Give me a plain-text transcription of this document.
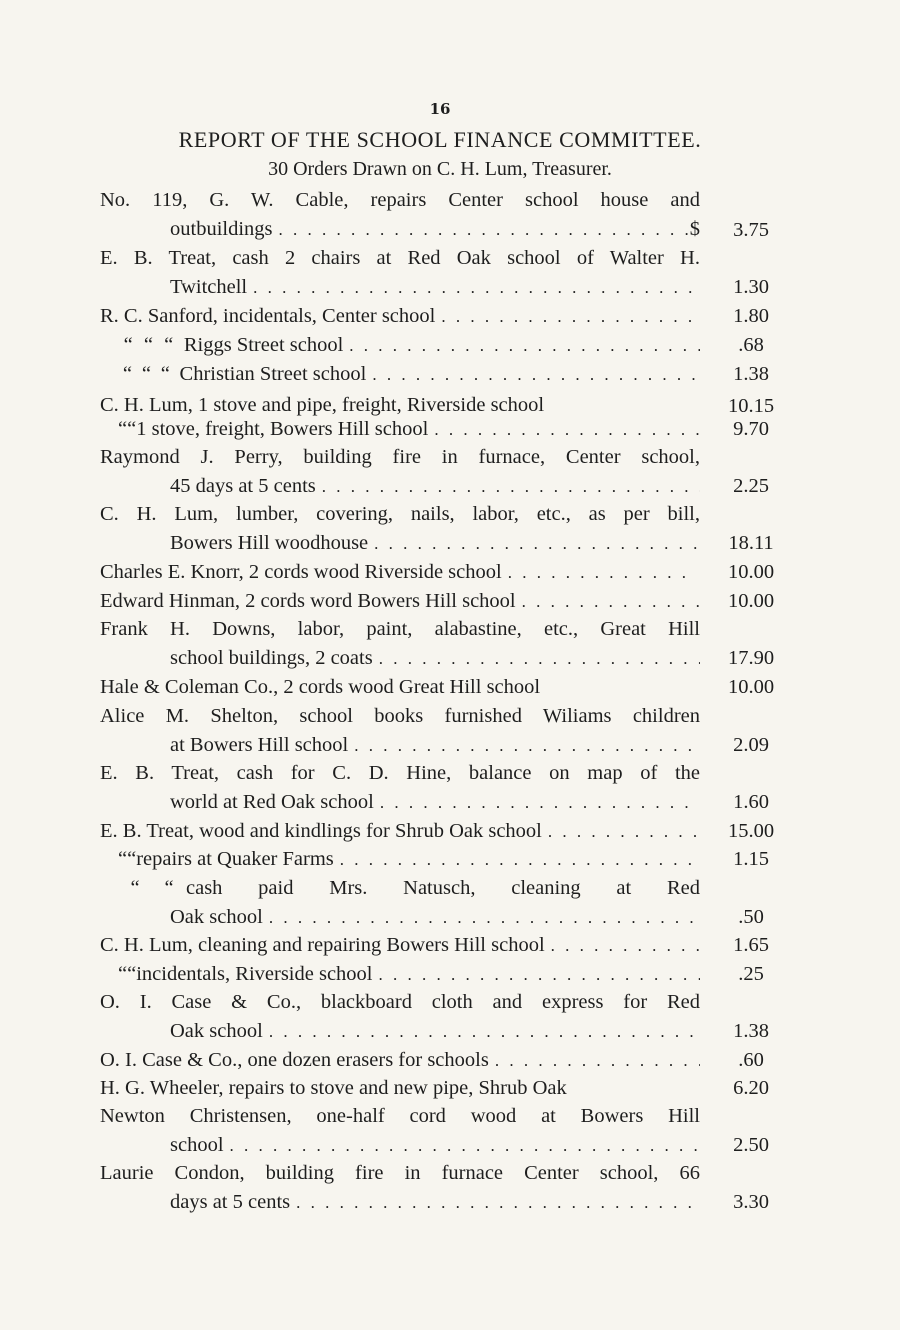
16
REPORT OF THE SCHOOL FINANCE COMMITTEE.
30 Orders Drawn on C. H. Lum, Treasurer.
No. 119, G. W. Cable, repairs Center school house and
outbuildings . . .	$	3.75
E. B. Treat, cash 2 chairs at Red Oak school of Walter H.
Twitchell . . .	1.30
R. C. Sanford, incidentals, Center school . . .	1.80
“ “ “ Riggs Street school . . .	.68
“ “ “ Christian Street school . . .	1.38
C. H. Lum, 1 stove and pipe, freight, Riverside school	10.15
“ “ 1 stove, freight, Bowers Hill school . . .	9.70
Raymond J. Perry, building fire in furnace, Center school,
45 days at 5 cents . . .	2.25
C. H. Lum, lumber, covering, nails, labor, etc., as per bill,
Bowers Hill woodhouse . . .	18.11
Charles E. Knorr, 2 cords wood Riverside school . . .	10.00
Edward Hinman, 2 cords word Bowers Hill school . . .	10.00
Frank H. Downs, labor, paint, alabastine, etc., Great Hill
school buildings, 2 coats . . .	17.90
Hale & Coleman Co., 2 cords wood Great Hill school	10.00
Alice M. Shelton, school books furnished Wiliams children
at Bowers Hill school . . .	2.09
E. B. Treat, cash for C. D. Hine, balance on map of the
world at Red Oak school . . .	1.60
E. B. Treat, wood and kindlings for Shrub Oak school . . .	15.00
“ “ repairs at Quaker Farms . . .	1.15
“	“ cash paid Mrs. Natusch, cleaning at Red
Oak school . . .	.50
C. H. Lum, cleaning and repairing Bowers Hill school . . .	1.65
“ “ incidentals, Riverside school . . .	.25
O. I. Case & Co., blackboard cloth and express for Red
Oak school . . .	1.38
O. I. Case & Co., one dozen erasers for schools . . .	.60
H. G. Wheeler, repairs to stove and new pipe, Shrub Oak	6.20
Newton Christensen, one-half cord wood at Bowers Hill
school . . .	2.50
Laurie Condon, building fire in furnace Center school, 66
days at 5 cents . . .	3.30
